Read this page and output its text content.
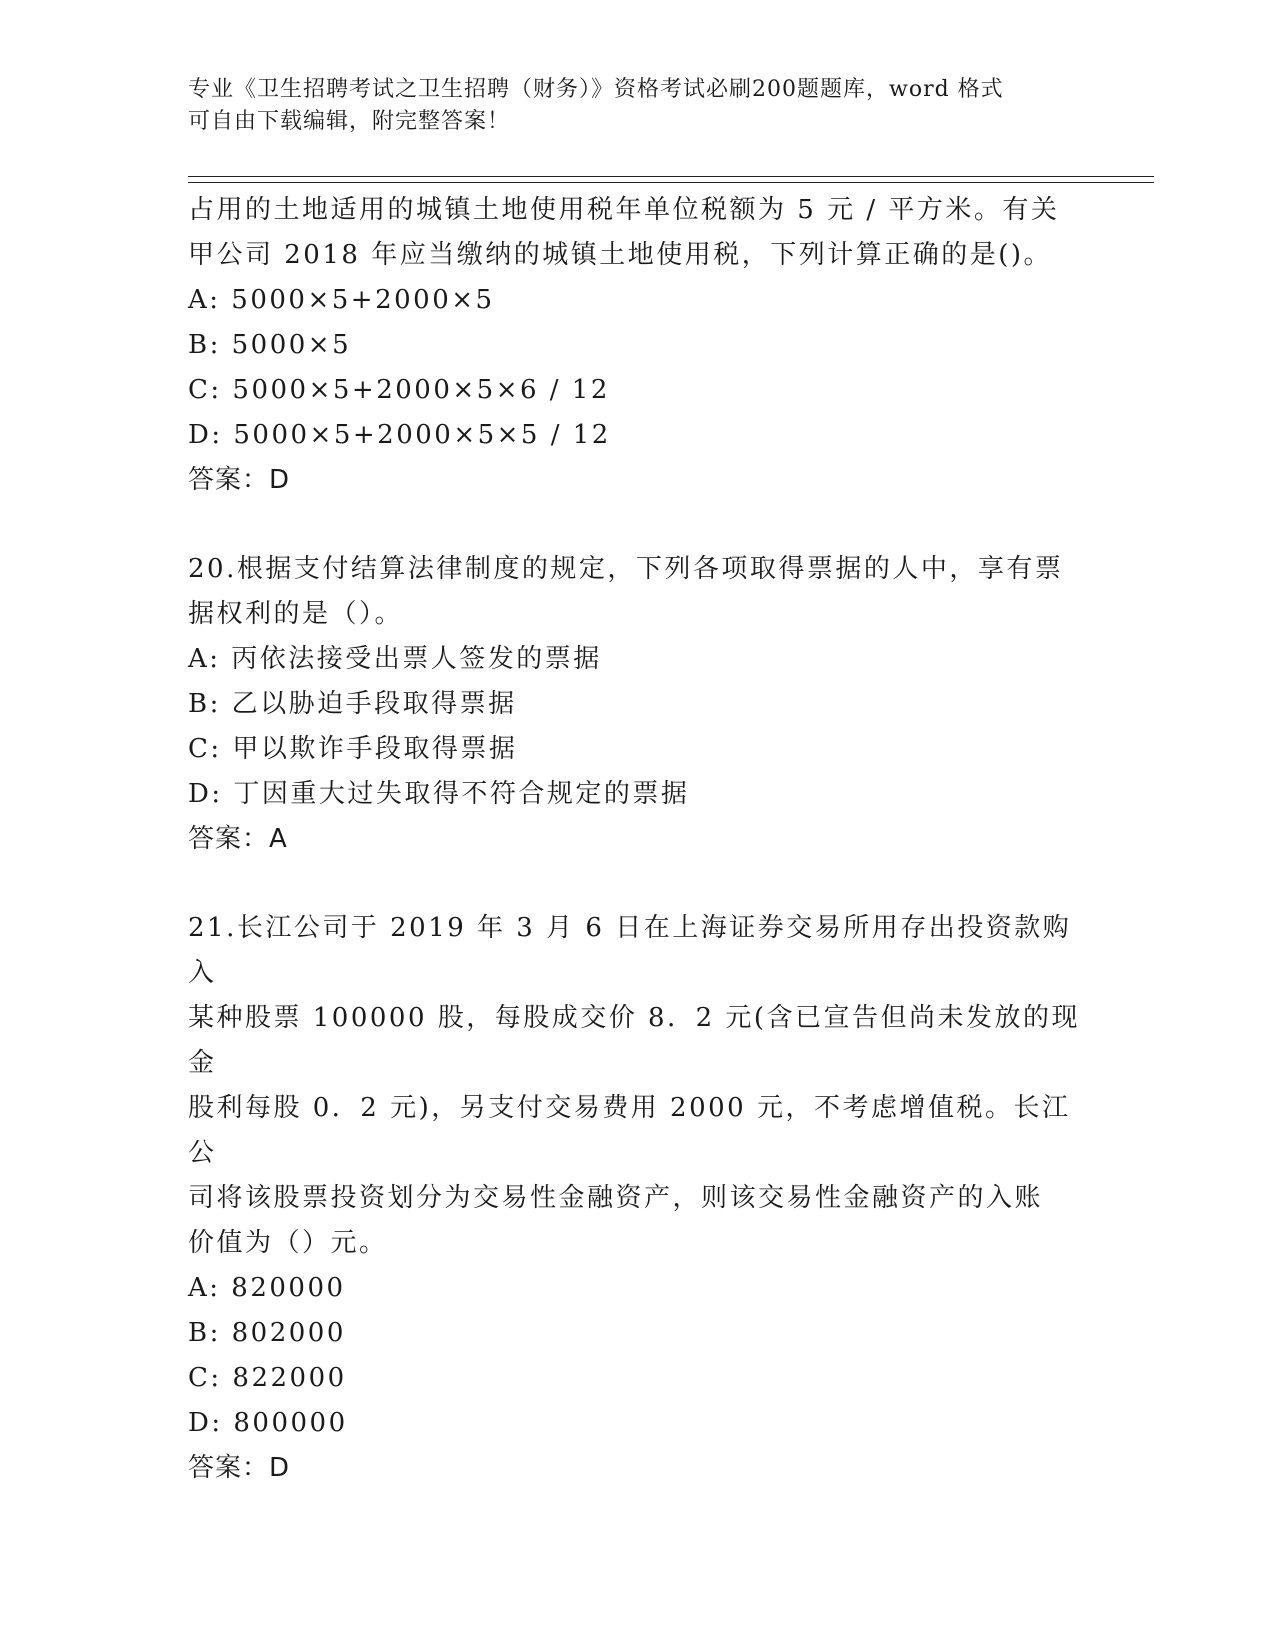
专业《卫生招聘考试之卫生招聘（财务）》资格考试必刷200题题库，word 格式
可自由下载编辑，附完整答案！

占用的土地适用的城镇土地使用税年单位税额为 5 元 / 平方米。有关

甲公司 2018 年应当缴纳的城镇土地使用税，下列计算正确的是()。

A: 5000×5+2000×5

B: 5000×5

C: 5000×5+2000×5×6 / 12

D: 5000×5+2000×5×5 / 12

答案：D

20.根据支付结算法律制度的规定，下列各项取得票据的人中，享有票

据权利的是（）。

A: 丙依法接受出票人签发的票据

B: 乙以胁迫手段取得票据

C: 甲以欺诈手段取得票据

D: 丁因重大过失取得不符合规定的票据

答案：A

21.长江公司于 2019 年 3 月 6 日在上海证券交易所用存出投资款购入

某种股票 100000 股，每股成交价 8．2 元(含已宣告但尚未发放的现金

股利每股 0．2 元)，另支付交易费用 2000 元，不考虑增值税。长江公

司将该股票投资划分为交易性金融资产，则该交易性金融资产的入账

价值为（）元。

A: 820000

B: 802000

C: 822000

D: 800000

答案：D
